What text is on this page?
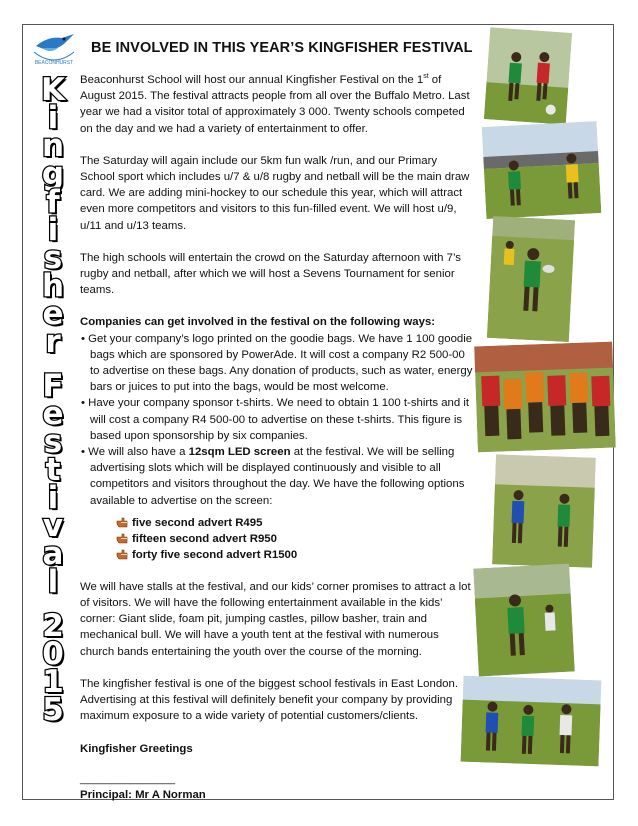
BEACONHURST
BE INVOLVED IN THIS YEAR’S KINGFISHER FESTIVAL
K
i
n
g
f
i
s
h
e
r
F
e
s
t
i
v
a
l
2
0
1
5

Beaconhurst School will host our annual Kingfisher Festival on the 1st of August 2015. The festival attracts people from all over the Buffalo Metro. Last year we had a visitor total of approximately 3 000. Twenty schools competed on the day and we had a variety of entertainment to offer.

The Saturday will again include our 5km fun walk /run, and our Primary School sport which includes u/7 & u/8 rugby and netball will be the main draw card. We are adding mini-hockey to our schedule this year, which will attract even more competitors and visitors to this fun-filled event. We will host u/9, u/11 and u/13 teams.

The high schools will entertain the crowd on the Saturday afternoon with 7’s rugby and netball, after which we will host a Sevens Tournament for senior teams.

Companies can get involved in the festival on the following ways:
• Get your company’s logo printed on the goodie bags. We have 1 100 goodie bags which are sponsored by PowerAde. It will cost a company R2 500-00 to advertise on these bags. Any donation of products, such as water, energy bars or juices to put into the bags, would be most welcome.
• Have your company sponsor t-shirts. We need to obtain 1 100 t-shirts and it will cost a company R4 500-00 to advertise on these t-shirts. This figure is based upon sponsorship by six companies.
• We will also have a 12sqm LED screen at the festival. We will be selling advertising slots which will be displayed continuously and visible to all competitors and visitors throughout the day. We have the following options available to advertise on the screen:
five second advert R495
fifteen second advert R950
forty five second advert R1500

We will have stalls at the festival, and our kids’ corner promises to attract a lot of visitors. We will have the following entertainment available in the kids’ corner: Giant slide, foam pit, jumping castles, pillow basher, train and mechanical bull. We will have a youth tent at the festival with numerous church bands entertaining the youth over the course of the morning.

The kingfisher festival is one of the biggest school festivals in East London. Advertising at this festival will definitely benefit your company by providing maximum exposure to a wide variety of potential customers/clients.

Kingfisher Greetings
_______________
Principal: Mr A Norman
